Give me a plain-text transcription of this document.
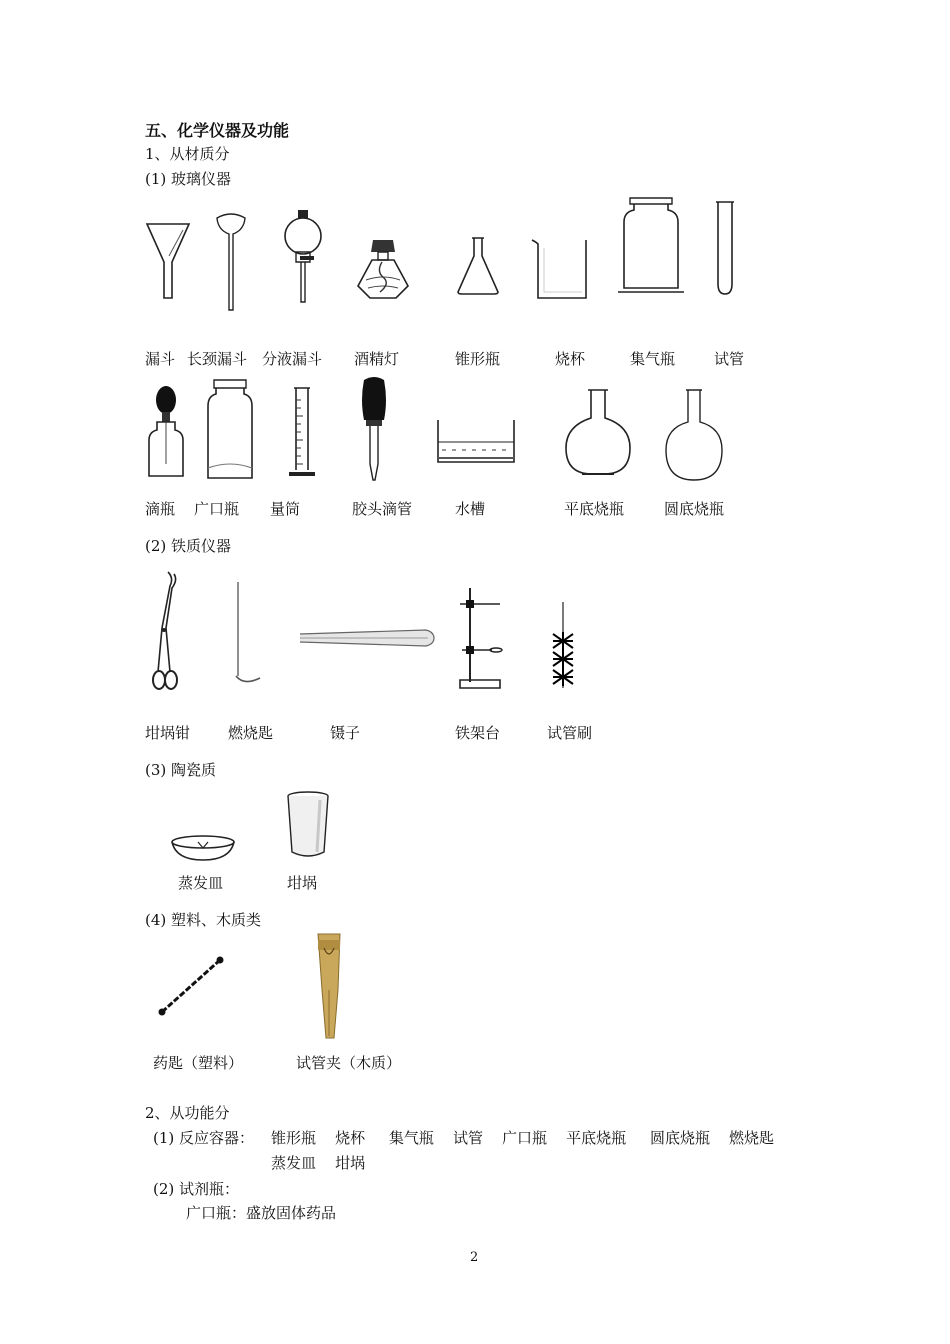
五、化学仪器及功能
1、从材质分
(1) 玻璃仪器
漏斗 长颈漏斗 分液漏斗 酒精灯	锥形瓶	烧杯	集气瓶	试管
滴瓶 广口瓶 量筒	胶头滴管	水槽	平底烧瓶	圆底烧瓶
(2) 铁质仪器
坩埚钳	燃烧匙	镊子	铁架台	试管刷
(3) 陶瓷质
蒸发皿	坩埚
(4) 塑料、木质类
药匙（塑料）	试管夹（木质）
2、从功能分
(1) 反应容器： 锥形瓶    烧杯     集气瓶    试管    广口瓶    平底烧瓶     圆底烧瓶    燃烧匙
蒸发皿    坩埚
(2) 试剂瓶：
广口瓶：盛放固体药品
2
